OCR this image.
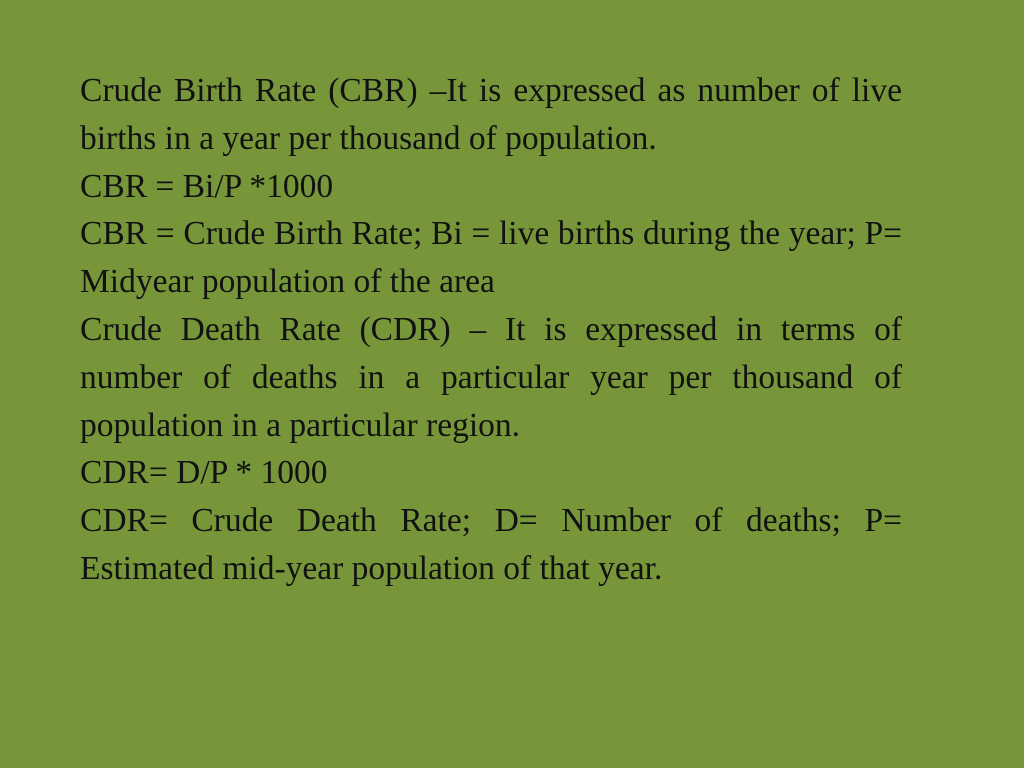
Crude Birth Rate (CBR) –It is expressed as number of live births in a year per thousand of population.

CBR = Bi/P *1000

CBR = Crude Birth Rate; Bi = live births during the year; P= Midyear population of the area

Crude Death Rate (CDR) – It is expressed in terms of number of deaths in a particular year per thousand of population in a particular region.

CDR= D/P * 1000

CDR= Crude Death Rate; D= Number of deaths; P= Estimated mid-year population of that year.
